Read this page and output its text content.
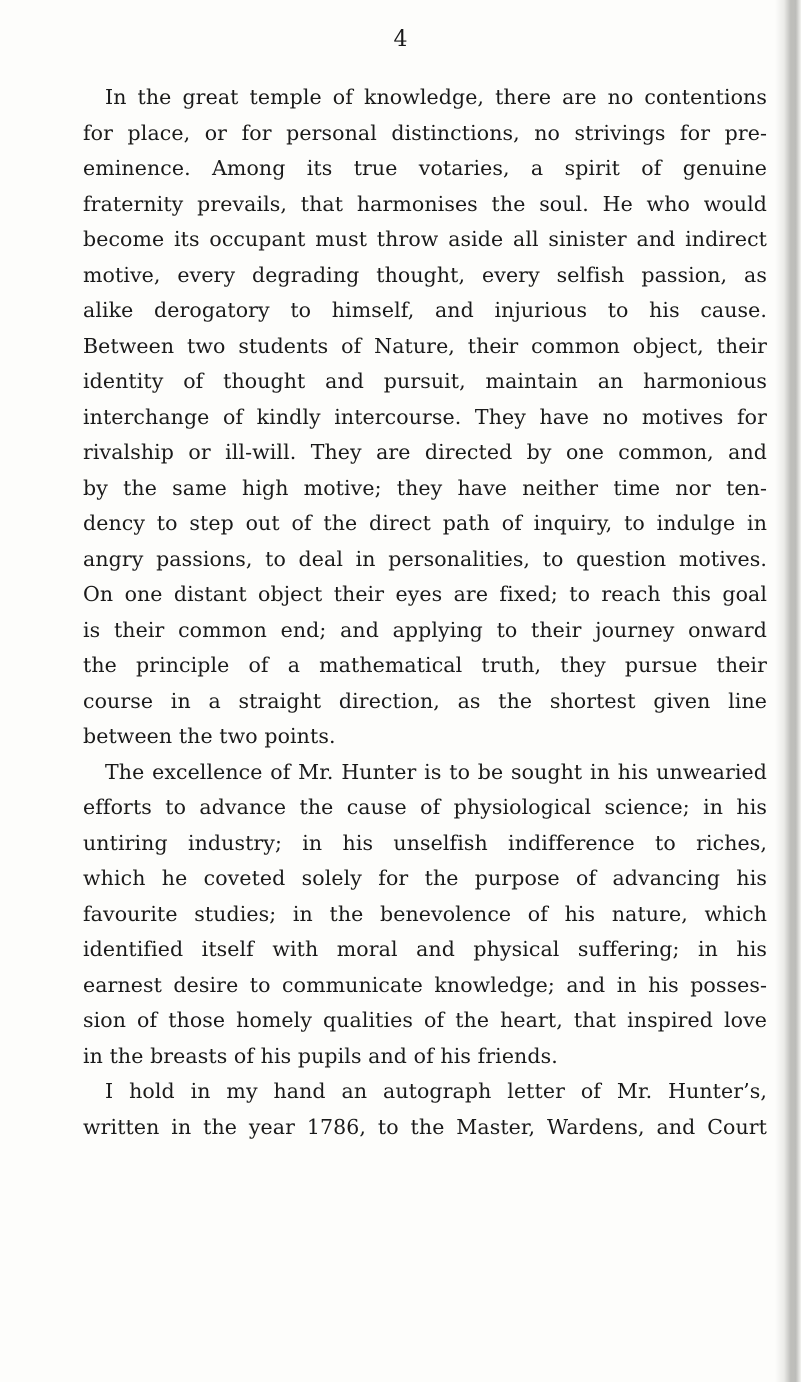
4
In the great temple of knowledge, there are no contentions
for place, or for personal distinctions, no strivings for pre-
eminence. Among its true votaries, a spirit of genuine
fraternity prevails, that harmonises the soul. He who would
become its occupant must throw aside all sinister and indirect
motive, every degrading thought, every selfish passion, as
alike derogatory to himself, and injurious to his cause.
Between two students of Nature, their common object, their
identity of thought and pursuit, maintain an harmonious
interchange of kindly intercourse. They have no motives for
rivalship or ill-will. They are directed by one common, and
by the same high motive; they have neither time nor ten-
dency to step out of the direct path of inquiry, to indulge in
angry passions, to deal in personalities, to question motives.
On one distant object their eyes are fixed; to reach this goal
is their common end; and applying to their journey onward
the principle of a mathematical truth, they pursue their
course in a straight direction, as the shortest given line
between the two points.
The excellence of Mr. Hunter is to be sought in his unwearied
efforts to advance the cause of physiological science; in his
untiring industry; in his unselfish indifference to riches,
which he coveted solely for the purpose of advancing his
favourite studies; in the benevolence of his nature, which
identified itself with moral and physical suffering; in his
earnest desire to communicate knowledge; and in his posses-
sion of those homely qualities of the heart, that inspired love
in the breasts of his pupils and of his friends.
I hold in my hand an autograph letter of Mr. Hunter’s,
written in the year 1786, to the Master, Wardens, and Court
